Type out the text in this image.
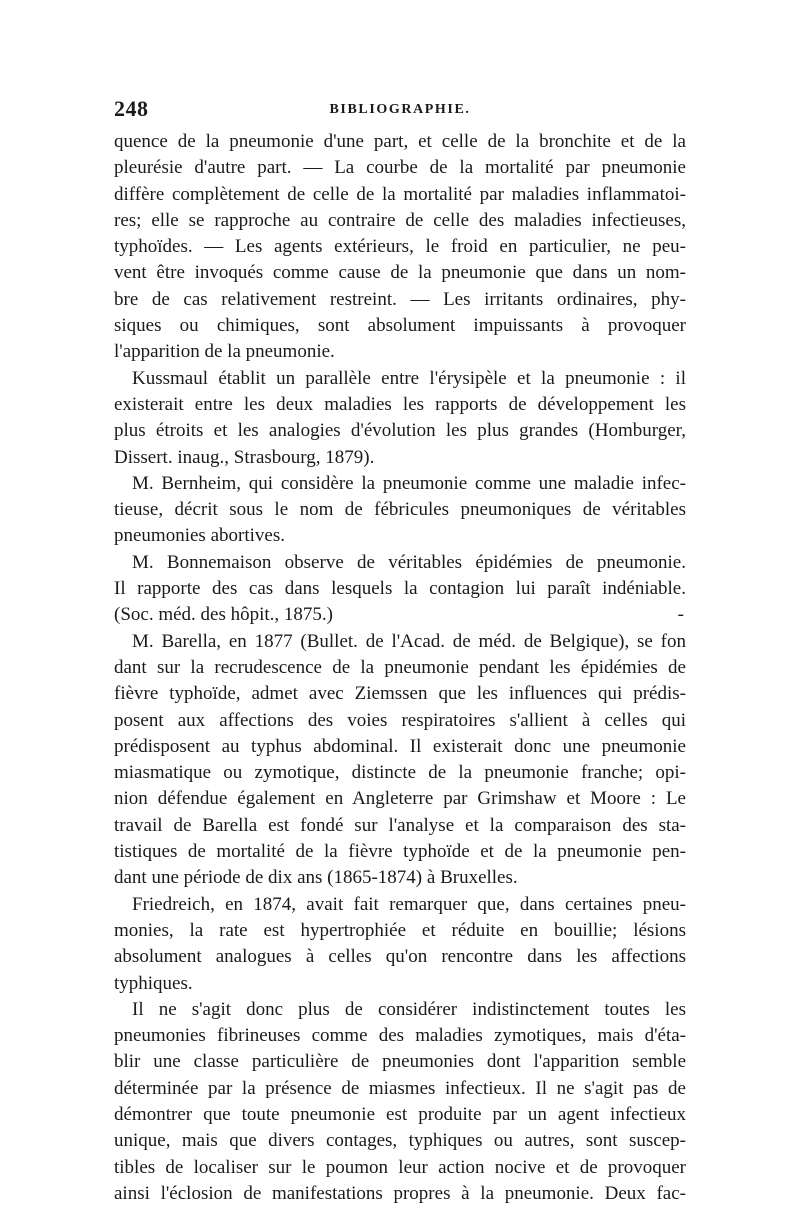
248	BIBLIOGRAPHIE.
quence de la pneumonie d'une part, et celle de la bronchite et de la
pleurésie d'autre part. — La courbe de la mortalité par pneumonie
diffère complètement de celle de la mortalité par maladies inflammatoi-
res; elle se rapproche au contraire de celle des maladies infectieuses,
typhoïdes. — Les agents extérieurs, le froid en particulier, ne peu-
vent être invoqués comme cause de la pneumonie que dans un nom-
bre de cas relativement restreint. — Les irritants ordinaires, phy-
siques ou chimiques, sont absolument impuissants à provoquer
l'apparition de la pneumonie.
Kussmaul établit un parallèle entre l'érysipèle et la pneumonie : il
existerait entre les deux maladies les rapports de développement les
plus étroits et les analogies d'évolution les plus grandes (Homburger,
Dissert. inaug., Strasbourg, 1879).
M. Bernheim, qui considère la pneumonie comme une maladie infec-
tieuse, décrit sous le nom de fébricules pneumoniques de véritables
pneumonies abortives.
M. Bonnemaison observe de véritables épidémies de pneumonie.
Il rapporte des cas dans lesquels la contagion lui paraît indéniable.
(Soc. méd. des hôpit., 1875.)	-
M. Barella, en 1877 (Bullet. de l'Acad. de méd. de Belgique), se fon
dant sur la recrudescence de la pneumonie pendant les épidémies de
fièvre typhoïde, admet avec Ziemssen que les influences qui prédis-
posent aux affections des voies respiratoires s'allient à celles qui
prédisposent au typhus abdominal. Il existerait donc une pneumonie
miasmatique ou zymotique, distincte de la pneumonie franche; opi-
nion défendue également en Angleterre par Grimshaw et Moore : Le
travail de Barella est fondé sur l'analyse et la comparaison des sta-
tistiques de mortalité de la fièvre typhoïde et de la pneumonie pen-
dant une période de dix ans (1865-1874) à Bruxelles.
Friedreich, en 1874, avait fait remarquer que, dans certaines pneu-
monies, la rate est hypertrophiée et réduite en bouillie; lésions
absolument analogues à celles qu'on rencontre dans les affections
typhiques.
Il ne s'agit donc plus de considérer indistinctement toutes les
pneumonies fibrineuses comme des maladies zymotiques, mais d'éta-
blir une classe particulière de pneumonies dont l'apparition semble
déterminée par la présence de miasmes infectieux. Il ne s'agit pas de
démontrer que toute pneumonie est produite par un agent infectieux
unique, mais que divers contages, typhiques ou autres, sont suscep-
tibles de localiser sur le poumon leur action nocive et de provoquer
ainsi l'éclosion de manifestations propres à la pneumonie. Deux fac-
